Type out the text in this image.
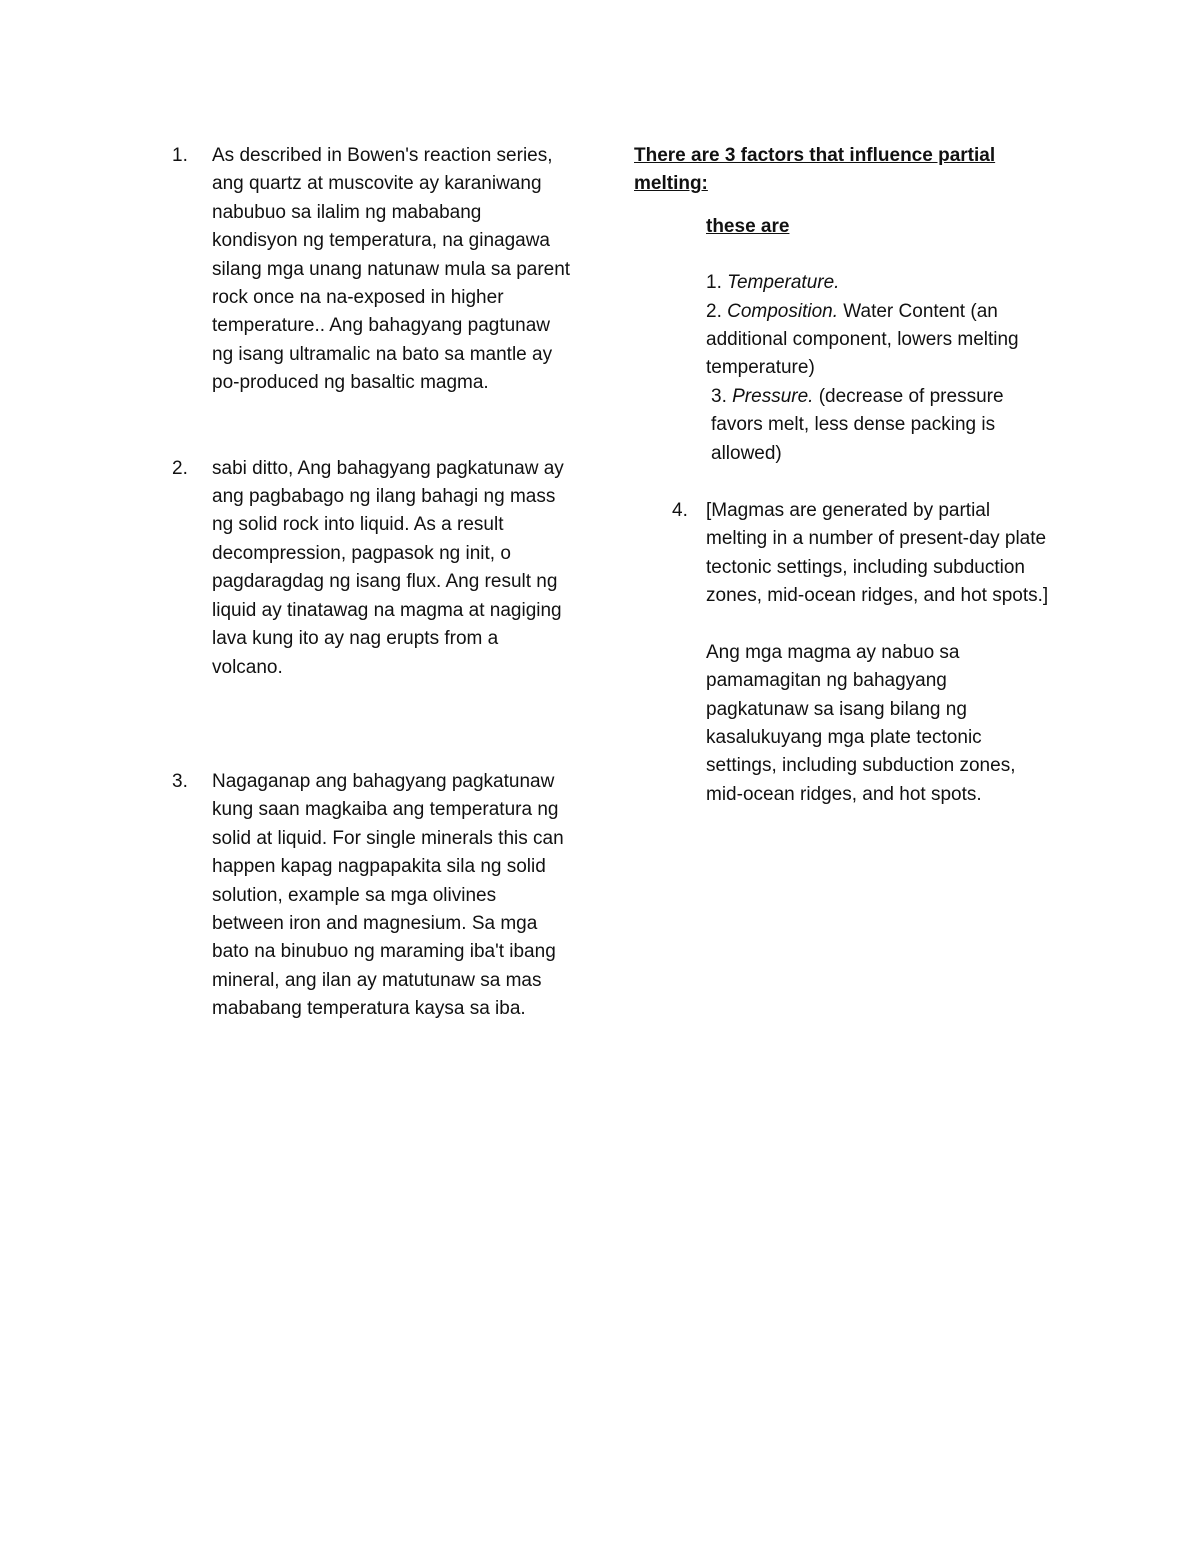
1. As described in Bowen's reaction series, ang quartz at muscovite ay karaniwang nabubuo sa ilalim ng mababang kondisyon ng temperatura, na ginagawa silang mga unang natunaw mula sa parent rock once na na-exposed in higher temperature.. Ang bahagyang pagtunaw ng isang ultramalic na bato sa mantle ay po-produced ng basaltic magma.

2. sabi ditto, Ang bahagyang pagkatunaw ay ang pagbabago ng ilang bahagi ng mass ng solid rock into liquid. As a result decompression, pagpasok ng init, o pagdaragdag ng isang flux. Ang result ng liquid ay tinatawag na magma at nagiging lava kung ito ay nag erupts from a volcano.

3. Nagaganap ang bahagyang pagkatunaw kung saan magkaiba ang temperatura ng solid at liquid. For single minerals this can happen kapag nagpapakita sila ng solid solution, example sa mga olivines between iron and magnesium. Sa mga bato na binubuo ng maraming iba't ibang mineral, ang ilan ay matutunaw sa mas mababang temperatura kaysa sa iba.

There are 3 factors that influence partial melting:

these are

1. Temperature.
2. Composition. Water Content (an additional component, lowers melting temperature)
3. Pressure. (decrease of pressure favors melt, less dense packing is allowed)
4. [Magmas are generated by partial melting in a number of present-day plate tectonic settings, including subduction zones, mid-ocean ridges, and hot spots.]

Ang mga magma ay nabuo sa pamamagitan ng bahagyang pagkatunaw sa isang bilang ng kasalukuyang mga plate tectonic settings, including subduction zones, mid-ocean ridges, and hot spots.
